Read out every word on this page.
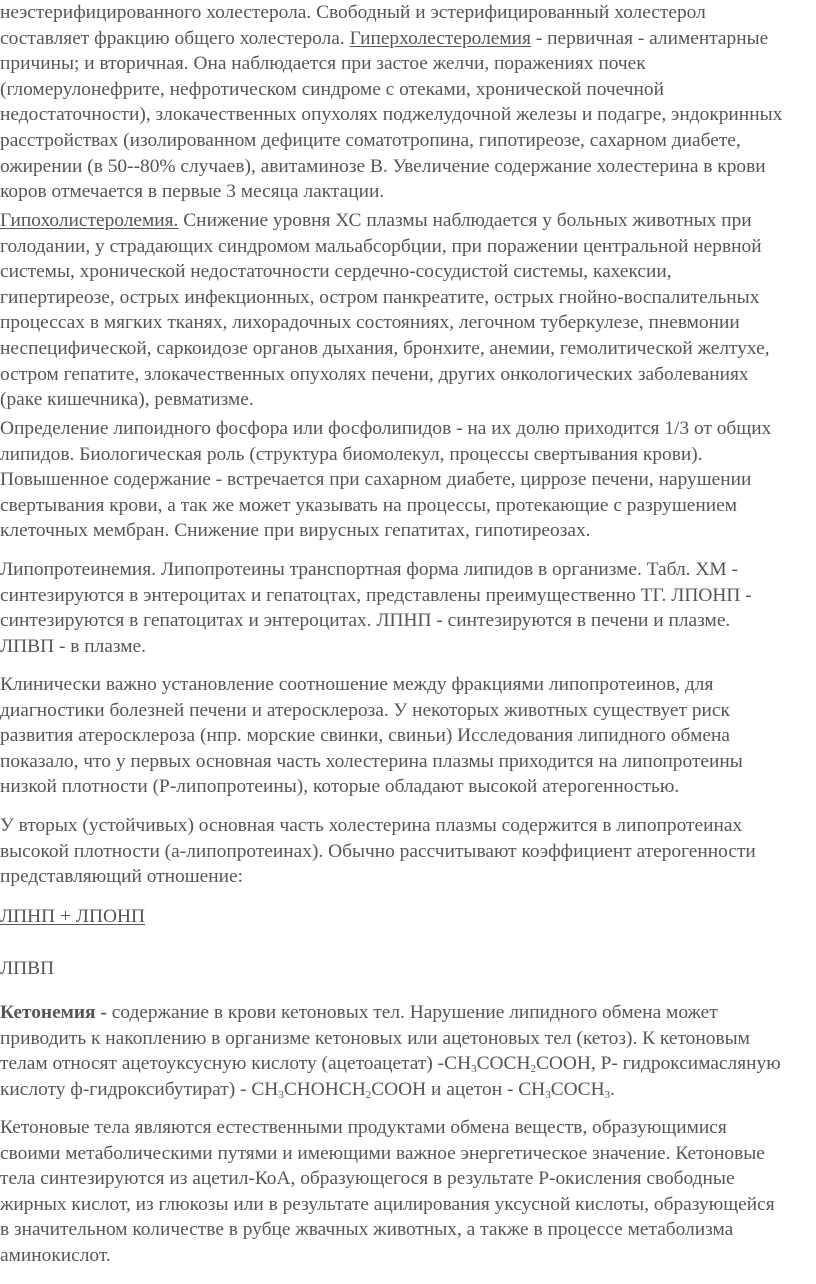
неэстерифицированного холестерола. Свободный и эстерифицированный холестерол
составляет фракцию общего холестерола. Гиперхолестеролемия - первичная - алиментарные
причины; и вторичная. Она наблюдается при застое желчи, поражениях почек
(гломерулонефрите, нефротическом синдроме с отеками, хронической почечной
недостаточности), злокачественных опухолях поджелудочной железы и подагре, эндокринных
расстройствах (изолированном дефиците соматотропина, гипотиреозе, сахарном диабете,
ожирении (в 50--80% случаев), авитаминозе В. Увеличение содержание холестерина в крови
коров отмечается в первые 3 месяца лактации.
Гипохолистеролемия. Снижение уровня ХС плазмы наблюдается у больных животных при
голодании, у страдающих синдромом мальабсорбции, при поражении центральной нервной
системы, хронической недостаточности сердечно-сосудистой системы, кахексии,
гипертиреозе, острых инфекционных, остром панкреатите, острых гнойно-воспалительных
процессах в мягких тканях, лихорадочных состояниях, легочном туберкулезе, пневмонии
неспецифической, саркоидозе органов дыхания, бронхите, анемии, гемолитической желтухе,
остром гепатите, злокачественных опухолях печени, других онкологических заболеваниях
(раке кишечника), ревматизме.
Определение липоидного фосфора или фосфолипидов - на их долю приходится 1/3 от общих
липидов. Биологическая роль (структура биомолекул, процессы свертывания крови).
Повышенное содержание - встречается при сахарном диабете, циррозе печени, нарушении
свертывания крови, а так же может указывать на процессы, протекающие с разрушением
клеточных мембран. Снижение при вирусных гепатитах, гипотиреозах.
Липопротеинемия. Липопротеины транспортная форма липидов в организме. Табл. ХМ -
синтезируются в энтероцитах и гепатоцтах, представлены преимущественно ТГ. ЛПОНП -
синтезируются в гепатоцитах и энтероцитах. ЛПНП - синтезируются в печени и плазме.
ЛПВП - в плазме.
Клинически важно установление соотношение между фракциями липопротеинов, для
диагностики болезней печени и атеросклероза. У некоторых животных существует риск
развития атеросклероза (нпр. морские свинки, свиньи) Исследования липидного обмена
показало, что у первых основная часть холестерина плазмы приходится на липопротеины
низкой плотности (Р-липопротеины), которые обладают высокой атерогенностью.
У вторых (устойчивых) основная часть холестерина плазмы содержится в липопротеинах
высокой плотности (а-липопротеинах). Обычно рассчитывают коэффициент атерогенности
представляющий отношение:
ЛПНП + ЛПОНП
ЛПВП
Кетонемия - содержание в крови кетоновых тел. Нарушение липидного обмена может
приводить к накоплению в организме кетоновых или ацетоновых тел (кетоз). К кетоновым
телам относят ацетоуксусную кислоту (ацетоацетат) $-CH_3COCH_2COOH$, Р- гидроксимасляную
кислоту ф-гидроксибутират) - $CH_3CHOHCH_2COOH$ и ацетон - $CH_3COCH_3$.
Кетоновые тела являются естественными продуктами обмена веществ, образующимися
своими метаболическими путями и имеющими важное энергетическое значение. Кетоновые
тела синтезируются из ацетил-КоА, образующегося в результате Р-окисления свободные
жирных кислот, из глюкозы или в результате ацилирования уксусной кислоты, образующейся
в значительном количестве в рубце жвачных животных, а также в процессе метаболизма
аминокислот.
